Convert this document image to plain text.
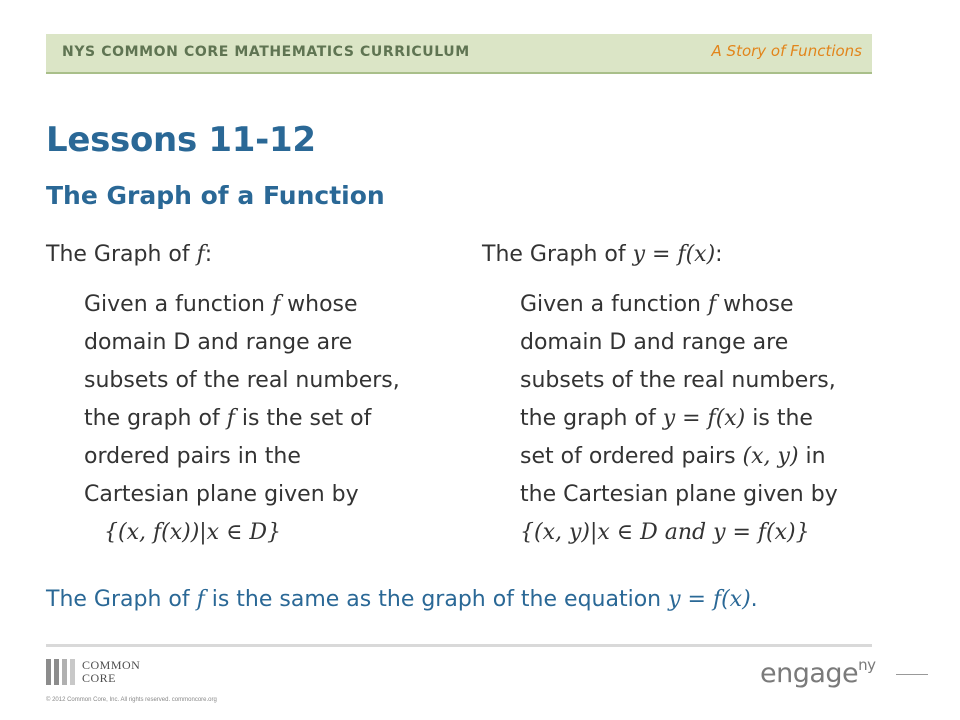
NYS COMMON CORE MATHEMATICS CURRICULUM	A Story of Functions
Lessons 11-12
The Graph of a Function
The Graph of f:
Given a function f whose
domain D and range are
subsets of the real numbers,
the graph of f is the set of
ordered pairs in the
Cartesian plane given by
{(x, f(x))|x ∈ D}
The Graph of y = f(x):
Given a function f whose
domain D and range are
subsets of the real numbers,
the graph of y = f(x) is the
set of ordered pairs (x, y) in
the Cartesian plane given by
{(x, y)|x ∈ D and y = f(x)}
The Graph of f is the same as the graph of the equation y = f(x).
COMMON
CORE
© 2012 Common Core, Inc. All rights reserved. commoncore.org
engage$^{ny}$
